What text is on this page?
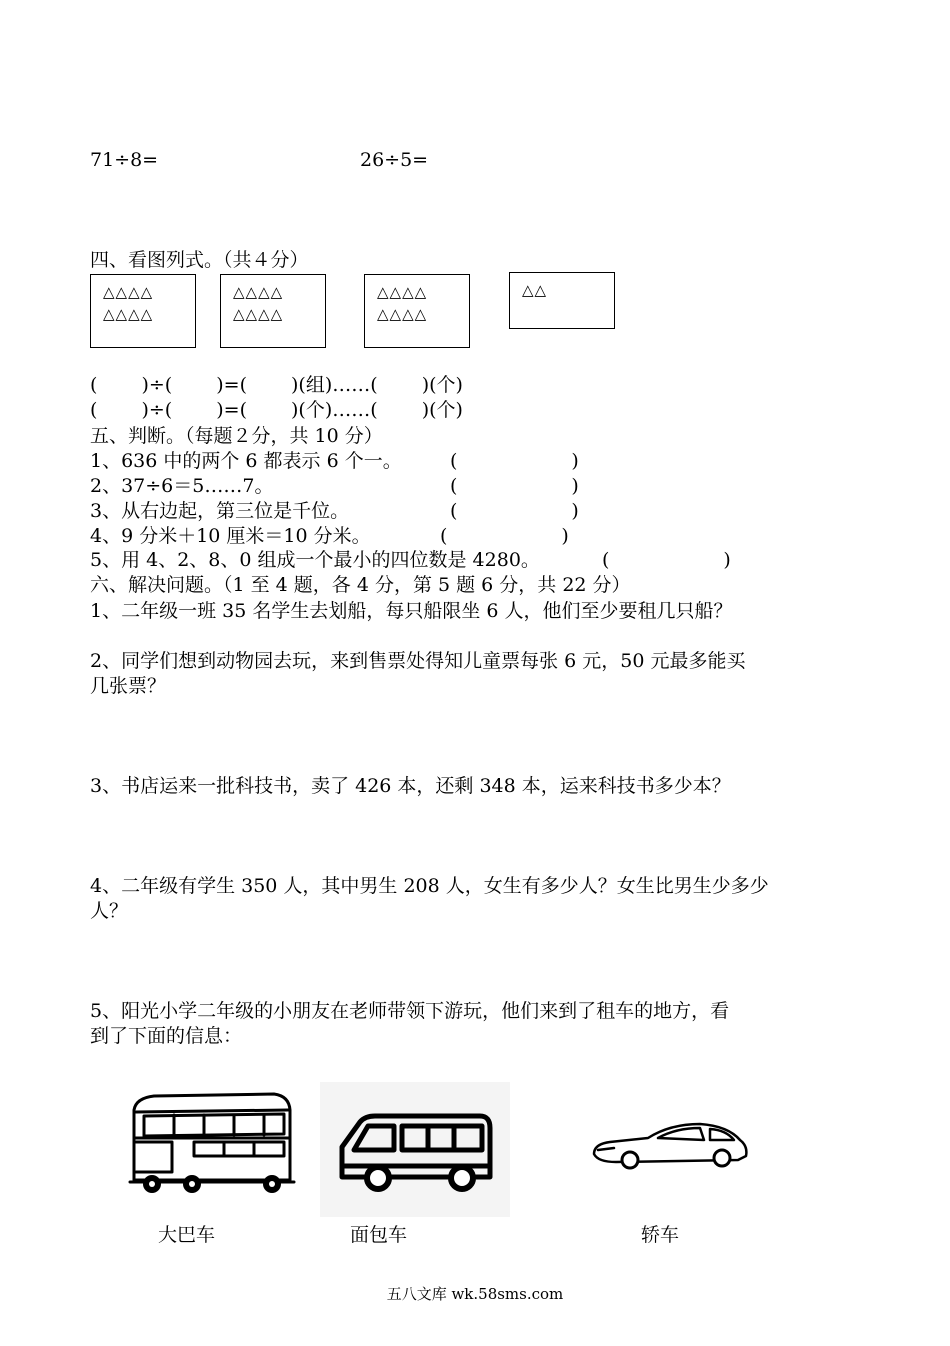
71÷8=	26÷5=
四、看图列式。（共４分）
△△△△
△△△△
△△△△
△△△△
△△△△
△△△△
△△
(　　 )÷(　　 )=(　　 )(组)……(　　 )(个)
(　　 )÷(　　 )=(　　 )(个)……(　　 )(个)
五、判断。（每题２分，共 10 分）
1、636 中的两个 6 都表示 6 个一。	(　　　　　　)
2、37÷6＝5……7。	(　　　　　　)
3、从右边起，第三位是千位。	(　　　　　　)
4、9 分米＋10 厘米＝10 分米。	(　　　　　　)
5、用 4、2、8、0 组成一个最小的四位数是 4280。	(　　　　　　)
六、解决问题。（1 至 4 题，各 4 分，第 5 题 6 分，共 22 分）
1、二年级一班 35 名学生去划船，每只船限坐 6 人，他们至少要租几只船？
2、同学们想到动物园去玩，来到售票处得知儿童票每张 6 元，50 元最多能买
几张票？
3、书店运来一批科技书，卖了 426 本，还剩 348 本，运来科技书多少本？
4、二年级有学生 350 人，其中男生 208 人，女生有多少人？女生比男生少多少
人？
5、阳光小学二年级的小朋友在老师带领下游玩，他们来到了租车的地方，看
到了下面的信息：
大巴车	面包车	轿车
五八文库 wk.58sms.com
